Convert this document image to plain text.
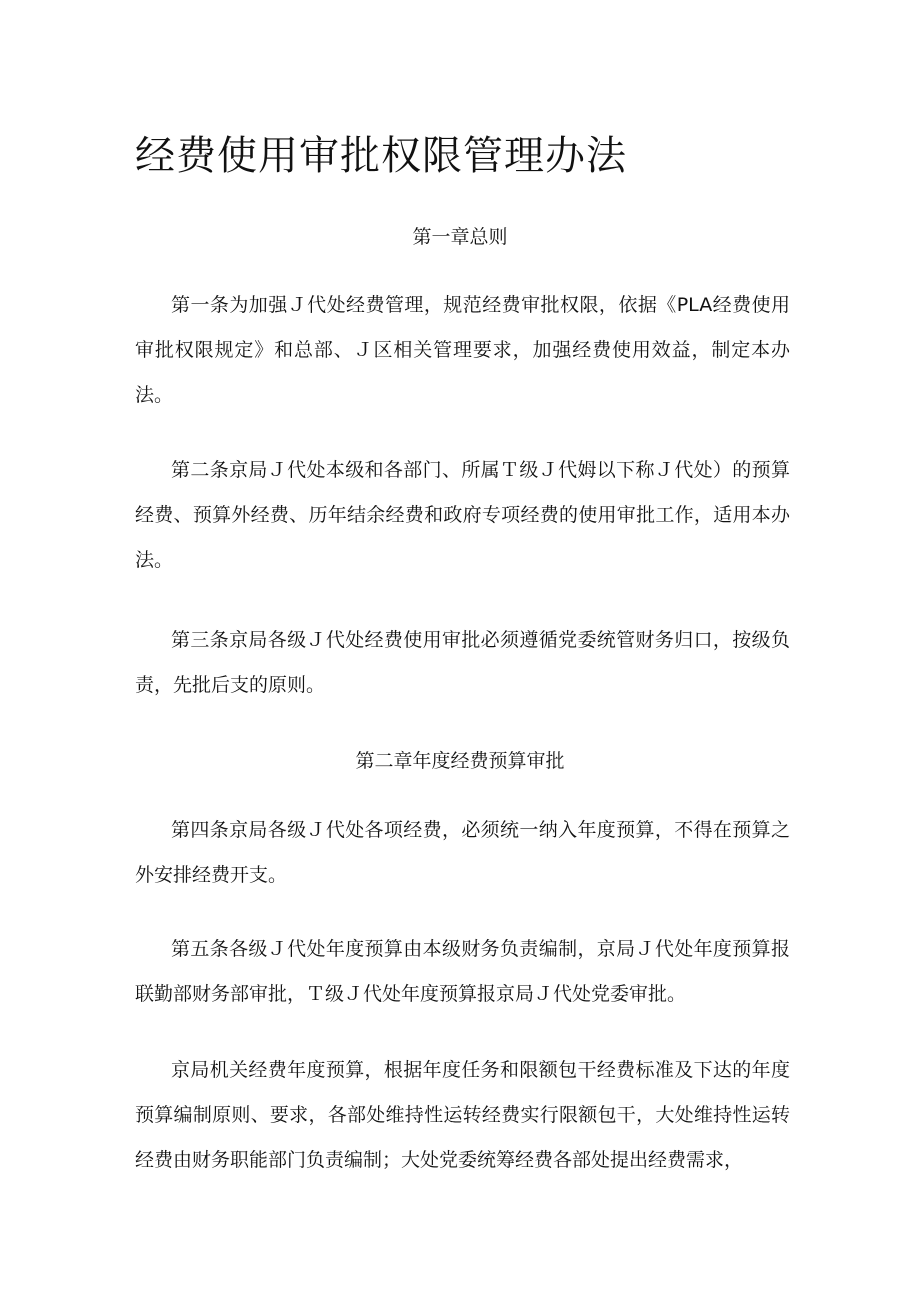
经费使用审批权限管理办法
第一章总则

第一条为加强Ｊ代处经费管理，规范经费审批权限，依据《PLA经费使用审批权限规定》和总部、Ｊ区相关管理要求，加强经费使用效益，制定本办法。

第二条京局Ｊ代处本级和各部门、所属Ｔ级Ｊ代姆以下称Ｊ代处）的预算经费、预算外经费、历年结余经费和政府专项经费的使用审批工作，适用本办法。

第三条京局各级Ｊ代处经费使用审批必须遵循党委统管财务归口，按级负责，先批后支的原则。

第二章年度经费预算审批

第四条京局各级Ｊ代处各项经费，必须统一纳入年度预算，不得在预算之外安排经费开支。

第五条各级Ｊ代处年度预算由本级财务负责编制，京局Ｊ代处年度预算报联勤部财务部审批，Ｔ级Ｊ代处年度预算报京局Ｊ代处党委审批。

京局机关经费年度预算，根据年度任务和限额包干经费标准及下达的年度预算编制原则、要求，各部处维持性运转经费实行限额包干，大处维持性运转经费由财务职能部门负责编制；大处党委统筹经费各部处提出经费需求，
